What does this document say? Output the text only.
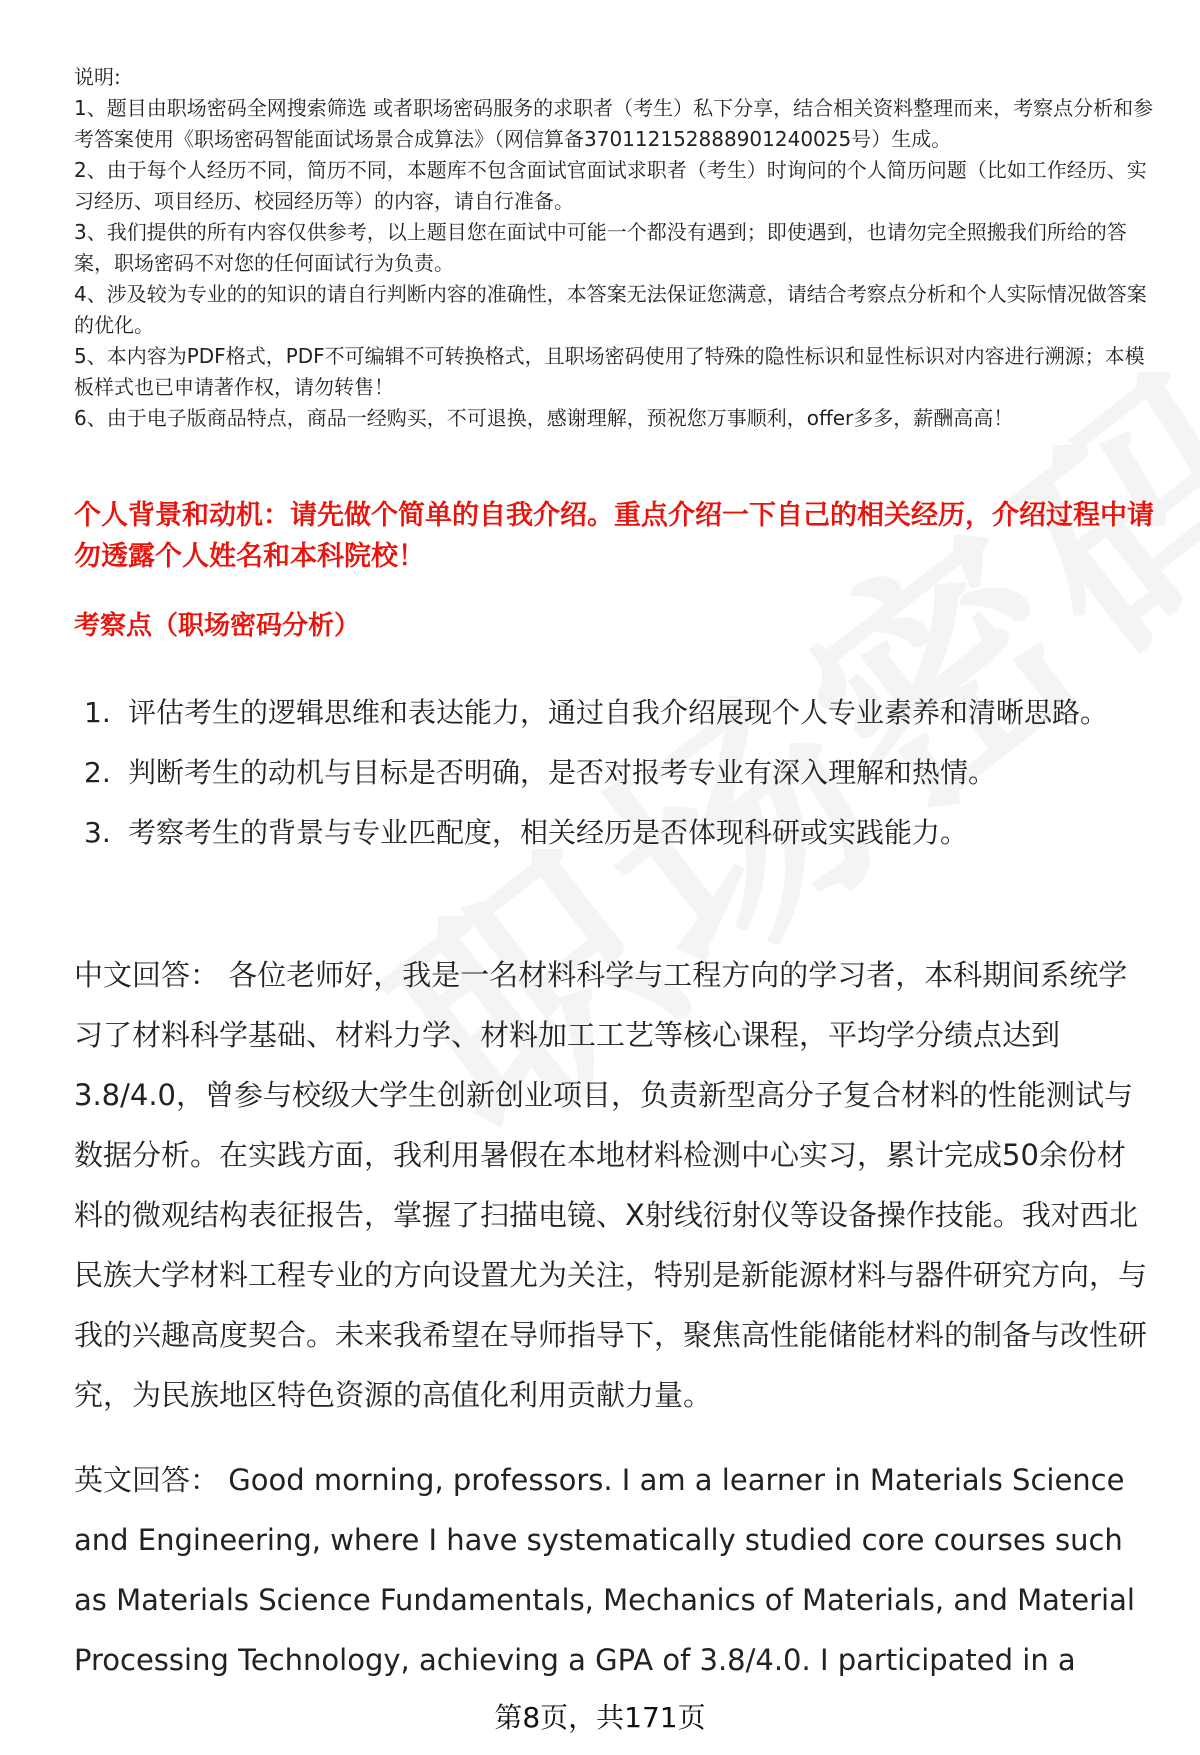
说明:

1、题目由职场密码全网搜索筛选 或者职场密码服务的求职者（考生）私下分享，结合相关资料整理而来，考察点分析和参考答案使用《职场密码智能面试场景合成算法》（网信算备370112152888901240025号）生成。

2、由于每个人经历不同，简历不同，本题库不包含面试官面试求职者（考生）时询问的个人简历问题（比如工作经历、实习经历、项目经历、校园经历等）的内容，请自行准备。

3、我们提供的所有内容仅供参考，以上题目您在面试中可能一个都没有遇到；即使遇到，也请勿完全照搬我们所给的答案，职场密码不对您的任何面试行为负责。

4、涉及较为专业的的知识的请自行判断内容的准确性，本答案无法保证您满意，请结合考察点分析和个人实际情况做答案的优化。

5、本内容为PDF格式，PDF不可编辑不可转换格式，且职场密码使用了特殊的隐性标识和显性标识对内容进行溯源；本模板样式也已申请著作权，请勿转售！

6、由于电子版商品特点，商品一经购买，不可退换，感谢理解，预祝您万事顺利，offer多多，薪酬高高！

个人背景和动机：请先做个简单的自我介绍。重点介绍一下自己的相关经历，介绍过程中请勿透露个人姓名和本科院校！
考察点（职场密码分析）
1. 评估考生的逻辑思维和表达能力，通过自我介绍展现个人专业素养和清晰思路。
2. 判断考生的动机与目标是否明确，是否对报考专业有深入理解和热情。
3. 考察考生的背景与专业匹配度，相关经历是否体现科研或实践能力。

中文回答： 各位老师好，我是一名材料科学与工程方向的学习者，本科期间系统学习了材料科学基础、材料力学、材料加工工艺等核心课程，平均学分绩点达到3.8/4.0，曾参与校级大学生创新创业项目，负责新型高分子复合材料的性能测试与数据分析。在实践方面，我利用暑假在本地材料检测中心实习，累计完成50余份材料的微观结构表征报告，掌握了扫描电镜、X射线衍射仪等设备操作技能。我对西北民族大学材料工程专业的方向设置尤为关注，特别是新能源材料与器件研究方向，与我的兴趣高度契合。未来我希望在导师指导下，聚焦高性能储能材料的制备与改性研究，为民族地区特色资源的高值化利用贡献力量。

英文回答： Good morning, professors. I am a learner in Materials Science and Engineering, where I have systematically studied core courses such as Materials Science Fundamentals, Mechanics of Materials, and Material Processing Technology, achieving a GPA of 3.8/4.0. I participated in a

第8页，共171页
